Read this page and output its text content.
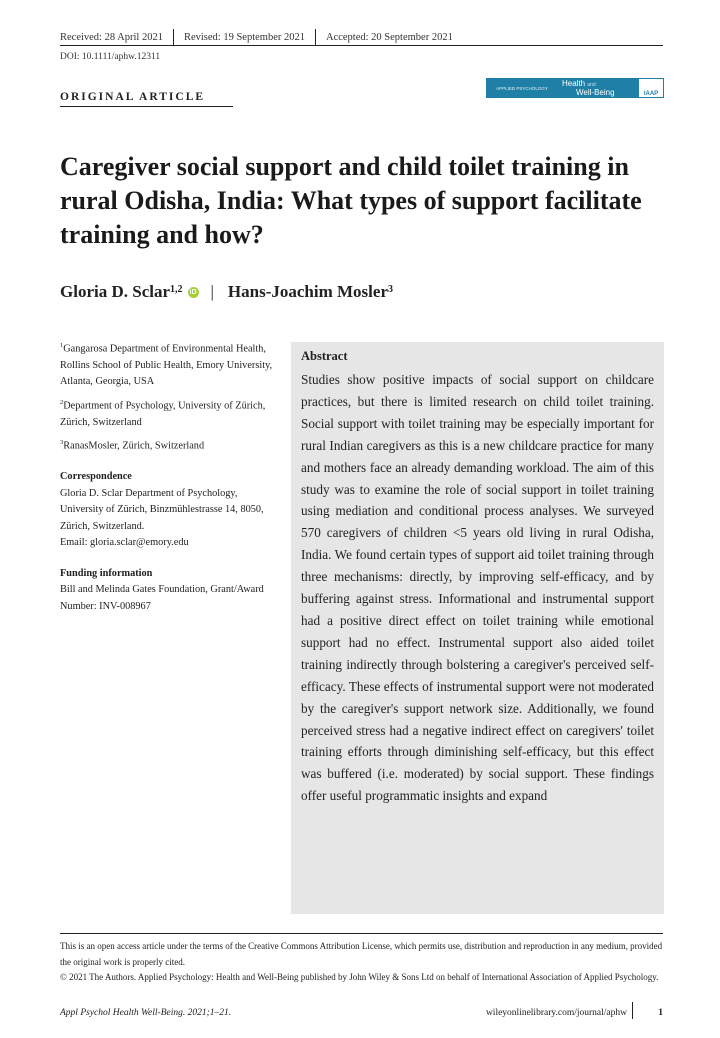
Received: 28 April 2021 Revised: 19 September 2021 Accepted: 20 September 2021
DOI: 10.1111/aphw.12311
ORIGINAL ARTICLE
APPLIED PSYCHOLOGY
Health and
Well-Being	IAAP
Caregiver social support and child toilet training in rural Odisha, India: What types of support facilitate training and how?
Gloria D. Sclar$^{1,2}$ iD | Hans-Joachim Mosler$^3$

$^1$Gangarosa Department of Environmental Health, Rollins School of Public Health, Emory University, Atlanta, Georgia, USA

$^2$Department of Psychology, University of Zürich, Zürich, Switzerland

$^3$RanasMosler, Zürich, Switzerland

Correspondence

Gloria D. Sclar Department of Psychology, University of Zürich, Binzmühlestrasse 14, 8050, Zürich, Switzerland.

Email: gloria.sclar@emory.edu

Funding information

Bill and Melinda Gates Foundation, Grant/Award Number: INV-008967

Abstract

Studies show positive impacts of social support on childcare practices, but there is limited research on child toilet training. Social support with toilet training may be especially important for rural Indian caregivers as this is a new childcare practice for many and mothers face an already demanding workload. The aim of this study was to examine the role of social support in toilet training using mediation and conditional process analyses. We surveyed 570 caregivers of children <5 years old living in rural Odisha, India. We found certain types of support aid toilet training through three mechanisms: directly, by improving self-efficacy, and by buffering against stress. Informational and instrumental support had a positive direct effect on toilet training while emotional support had no effect. Instrumental support also aided toilet training indirectly through bolstering a caregiver's perceived self-efficacy. These effects of instrumental support were not moderated by the caregiver's support network size. Additionally, we found perceived stress had a negative indirect effect on caregivers' toilet training efforts through diminishing self-efficacy, but this effect was buffered (i.e. moderated) by social support. These findings offer useful programmatic insights and expand

This is an open access article under the terms of the Creative Commons Attribution License, which permits use, distribution and reproduction in any medium, provided the original work is properly cited.

© 2021 The Authors. Applied Psychology: Health and Well-Being published by John Wiley & Sons Ltd on behalf of International Association of Applied Psychology.

Appl Psychol Health Well-Being. 2021;1–21.	wileyonlinelibrary.com/journal/aphw	1
